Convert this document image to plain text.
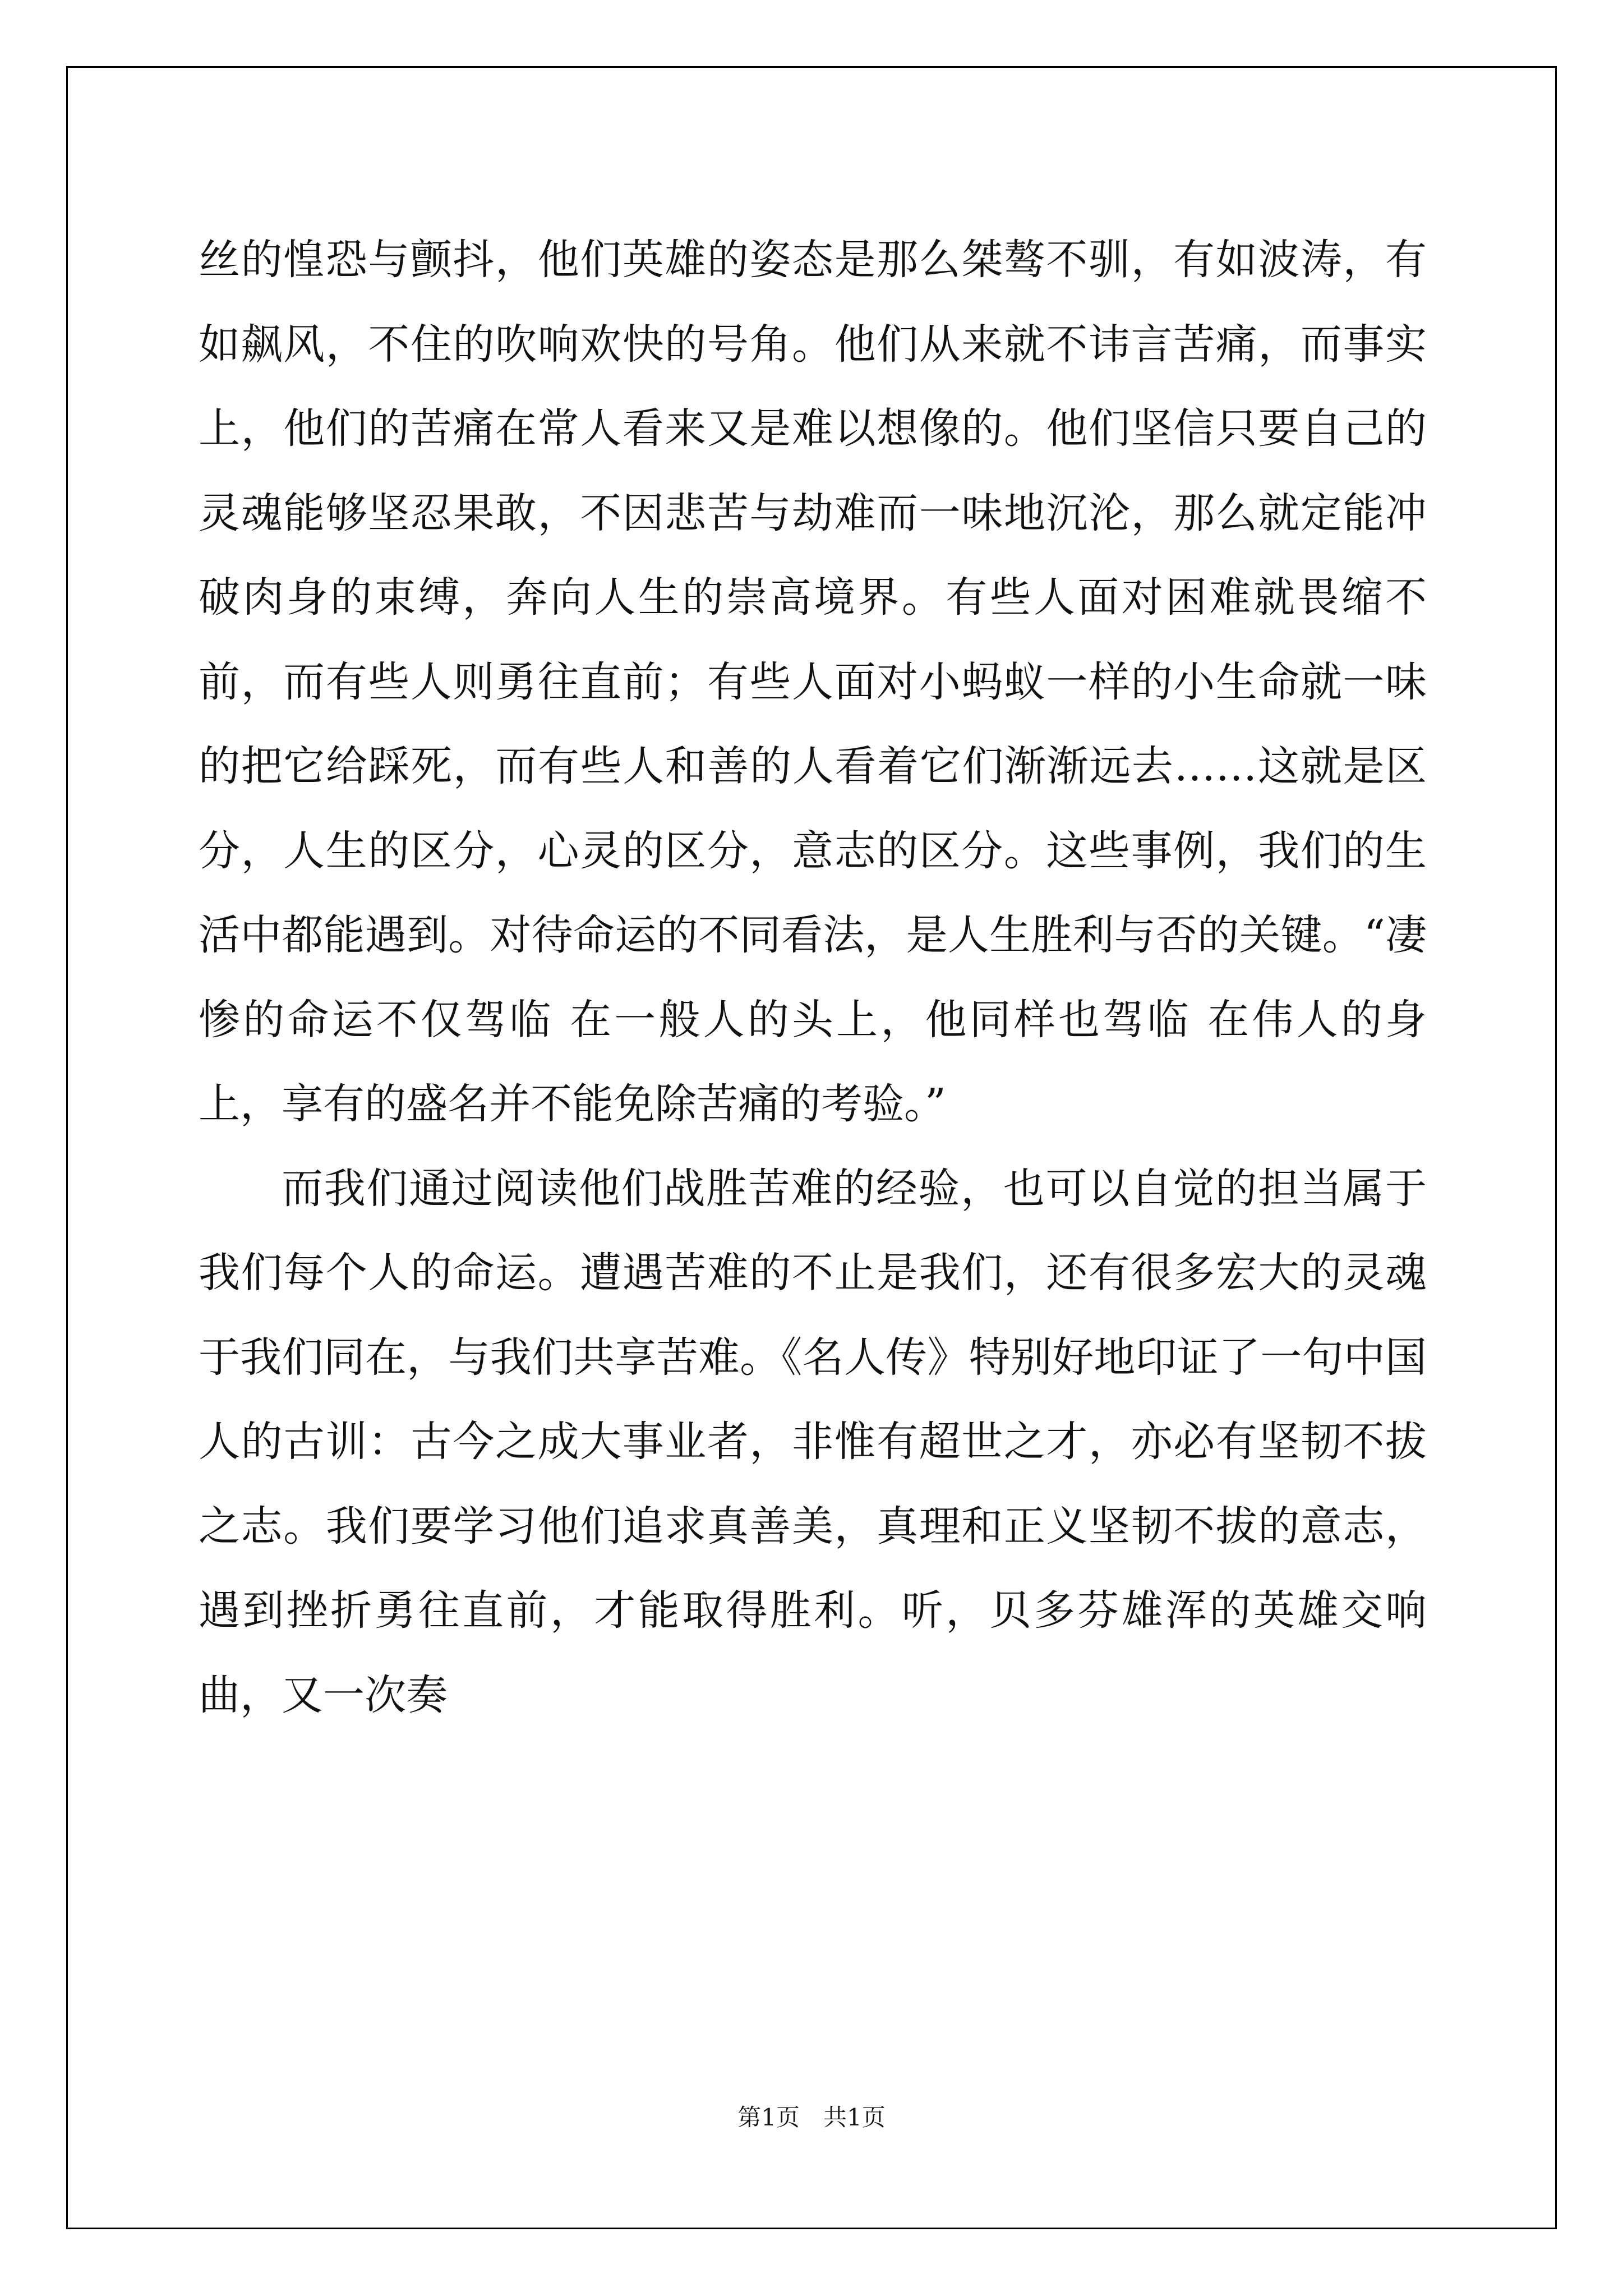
丝的惶恐与颤抖，他们英雄的姿态是那么桀骜不驯，有如波涛，有如飙风，不住的吹响欢快的号角。他们从来就不讳言苦痛，而事实上，他们的苦痛在常人看来又是难以想像的。他们坚信只要自己的灵魂能够坚忍果敢，不因悲苦与劫难而一味地沉沦，那么就定能冲破肉身的束缚，奔向人生的崇高境界。有些人面对困难就畏缩不前，而有些人则勇往直前；有些人面对小蚂蚁一样的小生命就一味的把它给踩死，而有些人和善的人看着它们渐渐远去……这就是区分，人生的区分，心灵的区分，意志的区分。这些事例，我们的生活中都能遇到。对待命运的不同看法，是人生胜利与否的关键。“凄惨的命运不仅驾临 在一般人的头上，他同样也驾临 在伟人的身上，享有的盛名并不能免除苦痛的考验。”

而我们通过阅读他们战胜苦难的经验，也可以自觉的担当属于我们每个人的命运。遭遇苦难的不止是我们，还有很多宏大的灵魂于我们同在，与我们共享苦难。《名人传》特别好地印证了一句中国人的古训：古今之成大事业者，非惟有超世之才，亦必有坚韧不拔之志。我们要学习他们追求真善美，真理和正义坚韧不拔的意志，遇到挫折勇往直前，才能取得胜利。听，贝多芬雄浑的英雄交响曲，又一次奏

第1页　共1页
